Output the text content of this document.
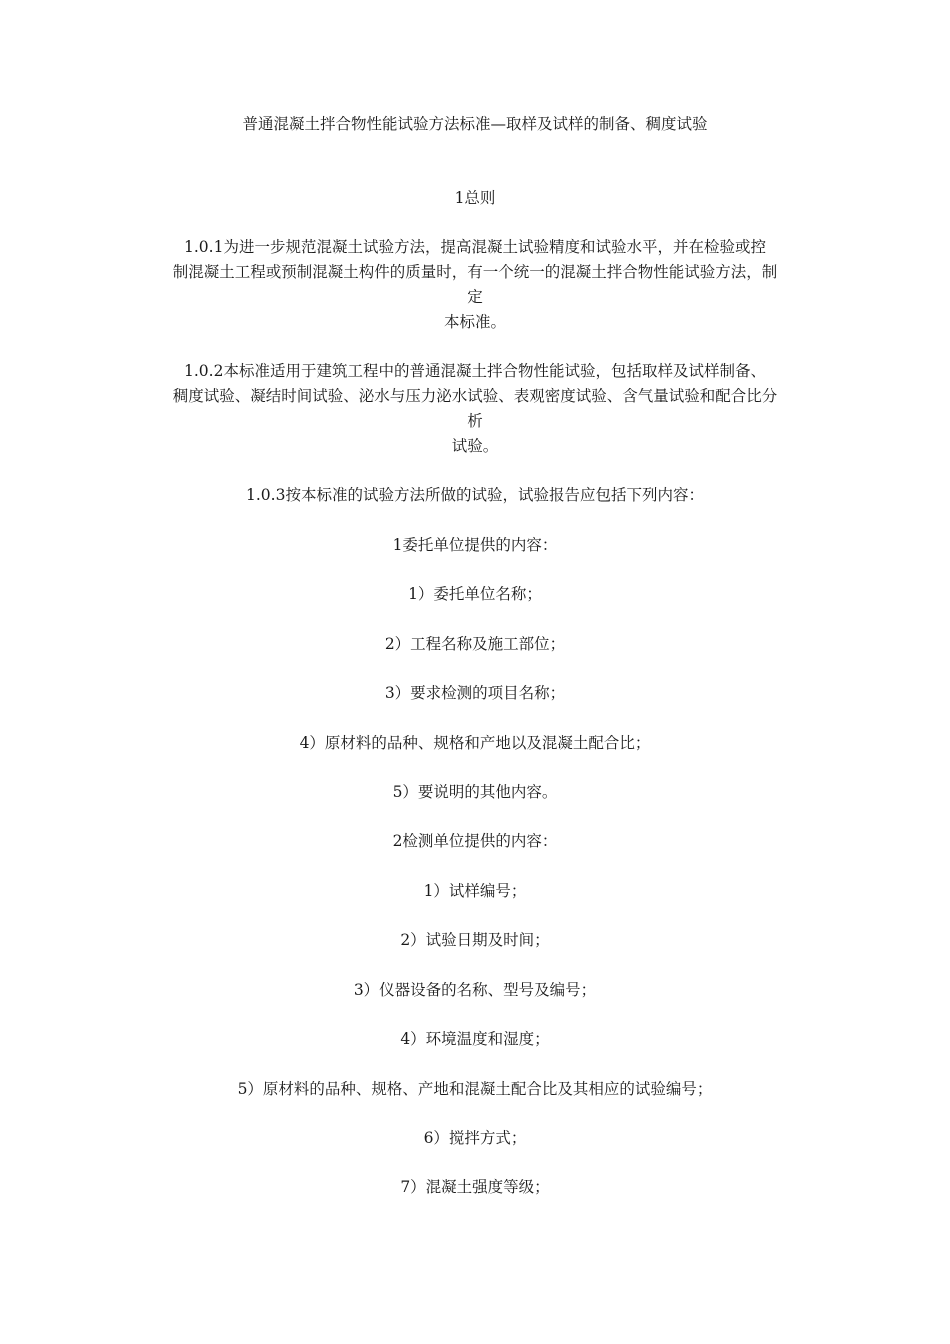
普通混凝土拌合物性能试验方法标准—取样及试样的制备、稠度试验
1总则
1.0.1为进一步规范混凝土试验方法，提高混凝土试验精度和试验水平，并在检验或控
制混凝土工程或预制混凝土构件的质量时，有一个统一的混凝土拌合物性能试验方法，制
定
本标准。
1.0.2本标准适用于建筑工程中的普通混凝土拌合物性能试验，包括取样及试样制备、
稠度试验、凝结时间试验、泌水与压力泌水试验、表观密度试验、含气量试验和配合比分
析
试验。
1.0.3按本标准的试验方法所做的试验，试验报告应包括下列内容：
1委托单位提供的内容：
1）委托单位名称；
2）工程名称及施工部位；
3）要求检测的项目名称；
4）原材料的品种、规格和产地以及混凝土配合比；
5）要说明的其他内容。
2检测单位提供的内容：
1）试样编号；
2）试验日期及时间；
3）仪器设备的名称、型号及编号；
4）环境温度和湿度；
5）原材料的品种、规格、产地和混凝土配合比及其相应的试验编号；
6）搅拌方式；
7）混凝土强度等级；
